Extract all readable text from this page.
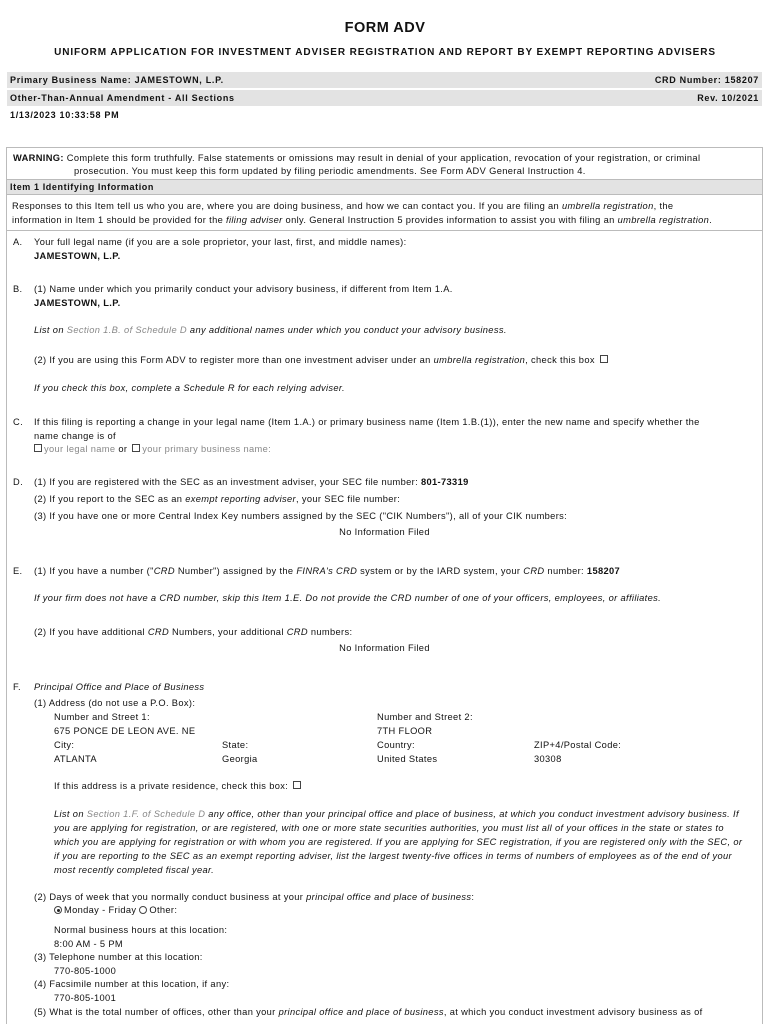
FORM ADV
UNIFORM APPLICATION FOR INVESTMENT ADVISER REGISTRATION AND REPORT BY EXEMPT REPORTING ADVISERS
Primary Business Name: JAMESTOWN, L.P.	CRD Number: 158207
Other-Than-Annual Amendment - All Sections	Rev. 10/2021
1/13/2023 10:33:58 PM
WARNING: Complete this form truthfully. False statements or omissions may result in denial of your application, revocation of your registration, or criminal
prosecution. You must keep this form updated by filing periodic amendments. See Form ADV General Instruction 4.
Item 1 Identifying Information
Responses to this Item tell us who you are, where you are doing business, and how we can contact you. If you are filing an umbrella registration, the
information in Item 1 should be provided for the filing adviser only. General Instruction 5 provides information to assist you with filing an umbrella registration.
A. Your full legal name (if you are a sole proprietor, your last, first, and middle names):
JAMESTOWN, L.P.
B. (1) Name under which you primarily conduct your advisory business, if different from Item 1.A.
JAMESTOWN, L.P.
List on Section 1.B. of Schedule D any additional names under which you conduct your advisory business.
(2) If you are using this Form ADV to register more than one investment adviser under an umbrella registration, check this box
If you check this box, complete a Schedule R for each relying adviser.
C. If this filing is reporting a change in your legal name (Item 1.A.) or primary business name (Item 1.B.(1)), enter the new name and specify whether the
name change is of
your legal name or your primary business name:
D. (1) If you are registered with the SEC as an investment adviser, your SEC file number: 801-73319
(2) If you report to the SEC as an exempt reporting adviser, your SEC file number:
(3) If you have one or more Central Index Key numbers assigned by the SEC ("CIK Numbers"), all of your CIK numbers:
No Information Filed
E. (1) If you have a number ("CRD Number") assigned by the FINRA's CRD system or by the IARD system, your CRD number: 158207
If your firm does not have a CRD number, skip this Item 1.E. Do not provide the CRD number of one of your officers, employees, or affiliates.
(2) If you have additional CRD Numbers, your additional CRD numbers:
No Information Filed
F. Principal Office and Place of Business
(1) Address (do not use a P.O. Box):
Number and Street 1:
675 PONCE DE LEON AVE. NE
Number and Street 2:
7TH FLOOR
City:
ATLANTA
State:
Georgia
Country:
United States
ZIP+4/Postal Code:
30308
If this address is a private residence, check this box:
List on Section 1.F. of Schedule D any office, other than your principal office and place of business, at which you conduct investment advisory business. If
you are applying for registration, or are registered, with one or more state securities authorities, you must list all of your offices in the state or states to
which you are applying for registration or with whom you are registered. If you are applying for SEC registration, if you are registered only with the SEC, or
if you are reporting to the SEC as an exempt reporting adviser, list the largest twenty-five offices in terms of numbers of employees as of the end of your
most recently completed fiscal year.
(2) Days of week that you normally conduct business at your principal office and place of business:
Monday - Friday Other:
Normal business hours at this location:
8:00 AM - 5 PM
(3) Telephone number at this location:
770-805-1000
(4) Facsimile number at this location, if any:
770-805-1001
(5) What is the total number of offices, other than your principal office and place of business, at which you conduct investment advisory business as of
